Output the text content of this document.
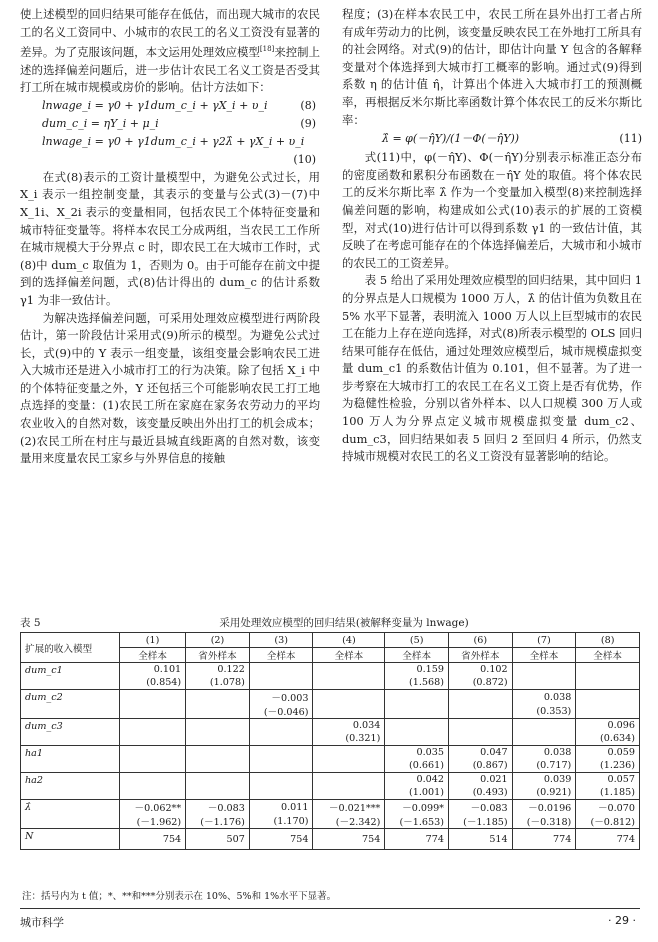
使上述模型的回归结果可能存在低估，而出现大城市的农民工的名义工资同中、小城市的农民工的名义工资没有显著的差异。为了克服该问题，本文运用处理效应模型[18]来控制上述的选择偏差问题后，进一步估计农民工名义工资是否受其打工所在城市规模或房价的影响。估计方法如下：

lnwage_i = γ0 + γ1dum_c_i + γX_i + υ_i	(8)
dum_c_i = ηY_i + μ_i	(9)
lnwage_i = γ0 + γ1dum_c_i + γ2λ̂ + γX_i + υ_i
(10)

在式(8)表示的工资计量模型中，为避免公式过长，用 X_i 表示一组控制变量，其表示的变量与公式(3)－(7)中 X_1i、X_2i 表示的变量相同，包括农民工个体特征变量和城市特征变量等。将样本农民工分成两组，当农民工工作所在城市规模大于分界点 c 时，即农民工在大城市工作时，式(8)中 dum_c 取值为 1，否则为 0。由于可能存在前文中提到的选择偏差问题，式(8)估计得出的 dum_c 的估计系数 γ1 为非一致估计。

为解决选择偏差问题，可采用处理效应模型进行两阶段估计，第一阶段估计采用式(9)所示的模型。为避免公式过长，式(9)中的 Y 表示一组变量，该组变量会影响农民工进入大城市还是进入小城市打工的行为决策。除了包括 X_i 中的个体特征变量之外，Y 还包括三个可能影响农民工打工地点选择的变量：(1)农民工所在家庭在家务农劳动力的平均农业收入的自然对数，该变量反映出外出打工的机会成本；(2)农民工所在村庄与最近县城直线距离的自然对数，该变量用来度量农民工家乡与外界信息的接触

程度；(3)在样本农民工中，农民工所在县外出打工者占所有成年劳动力的比例，该变量反映农民工在外地打工所具有的社会网络。对式(9)的估计，即估计向量 Y 包含的各解释变量对个体选择到大城市打工概率的影响。通过式(9)得到系数 η 的估计值 η̂，计算出个体进入大城市打工的预测概率，再根据反米尔斯比率函数计算个体农民工的反米尔斯比率：

λ̂ = φ(－η̂Y)/(1－Φ(－η̂Y))	(11)

式(11)中，φ(－η̂Y)、Φ(－η̂Y)分别表示标准正态分布的密度函数和累积分布函数在－η̂Y 处的取值。将个体农民工的反米尔斯比率 λ̂ 作为一个变量加入模型(8)来控制选择偏差问题的影响，构建成如公式(10)表示的扩展的工资模型，对式(10)进行估计可以得到系数 γ1 的一致估计值，其反映了在考虑可能存在的个体选择偏差后，大城市和小城市的农民工的工资差异。

表 5 给出了采用处理效应模型的回归结果，其中回归 1 的分界点是人口规模为 1000 万人，λ̂ 的估计值为负数且在 5% 水平下显著，表明流入 1000 万人以上巨型城市的农民工在能力上存在逆向选择，对式(8)所表示模型的 OLS 回归结果可能存在低估，通过处理效应模型后，城市规模虚拟变量 dum_c1 的系数估计值为 0.101，但不显著。为了进一步考察在大城市打工的农民工在名义工资上是否有优势，作为稳健性检验，分别以省外样本、以人口规模 300 万人或 100 万人为分界点定义城市规模虚拟变量 dum_c2、dum_c3，回归结果如表 5 回归 2 至回归 4 所示，仍然支持城市规模对农民工的名义工资没有显著影响的结论。

表 5	采用处理效应模型的回归结果(被解释变量为 lnwage)
扩展的收入模型	(1)	(2)	(3)	(4)	(5)	(6)	(7)	(8)
	全样本	省外样本	全样本	全样本	全样本	省外样本	全样本	全样本
dum_c1	0.101	0.122			0.159	0.102		
	(0.854)	(1.078)			(1.568)	(0.872)		
dum_c2			－0.003				0.038	
			(－0.046)				(0.353)	
dum_c3				0.034				0.096
				(0.321)				(0.634)
ha1					0.035	0.047	0.038	0.059
					(0.661)	(0.867)	(0.717)	(1.236)
ha2					0.042	0.021	0.039	0.057
					(1.001)	(0.493)	(0.921)	(1.185)
λ̂	－0.062**	－0.083	0.011	－0.021***	－0.099*	－0.083	－0.0196	－0.070
	(－1.962)	(－1.176)	(1.170)	(－2.342)	(－1.653)	(－1.185)	(－0.318)	(－0.812)
N	754	507	754	754	774	514	774	774
注：括号内为 t 值；*、**和***分别表示在 10%、5%和 1%水平下显著。
城市科学	· 29 ·
